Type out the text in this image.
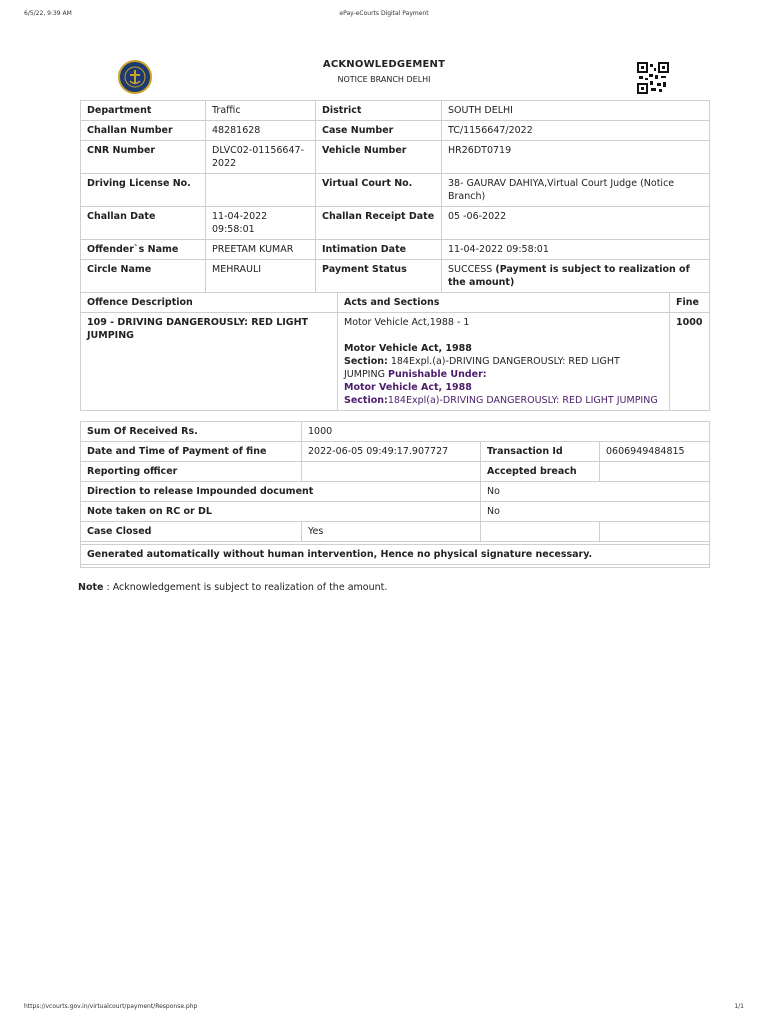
6/5/22, 9:39 AM	ePay-eCourts Digital Payment
ACKNOWLEDGEMENT
NOTICE BRANCH DELHI
Department	Traffic	District	SOUTH DELHI
Challan Number	48281628	Case Number	TC/1156647/2022
CNR Number	DLVC02-01156647-2022	Vehicle Number	HR26DT0719
Driving License No.		Virtual Court No.	38- GAURAV DAHIYA,Virtual Court Judge (Notice Branch)
Challan Date	11-04-2022 09:58:01	Challan Receipt Date	05 -06-2022
Offender`s Name	PREETAM KUMAR	Intimation Date	11-04-2022 09:58:01
Circle Name	MEHRAULI	Payment Status	SUCCESS (Payment is subject to realization of the amount)
Offence Description	Acts and Sections	Fine
109 - DRIVING DANGEROUSLY: RED LIGHT JUMPING	Motor Vehicle Act,1988 - 1
Motor Vehicle Act, 1988
Section: 184Expl.(a)-DRIVING DANGEROUSLY: RED LIGHT JUMPING Punishable Under:
Motor Vehicle Act, 1988
Section:184Expl(a)-DRIVING DANGEROUSLY: RED LIGHT JUMPING	1000
Sum Of Received Rs.	1000		
Date and Time of Payment of fine	2022-06-05 09:49:17.907727	Transaction Id	0606949484815
Reporting officer		Accepted breach	
Direction to release Impounded document		No	
Note taken on RC or DL		No	
Case Closed	Yes		

Generated automatically without human intervention, Hence no physical signature necessary.			

Note : Acknowledgement is subject to realization of the amount.
https://vcourts.gov.in/virtualcourt/payment/Response.php	1/1
